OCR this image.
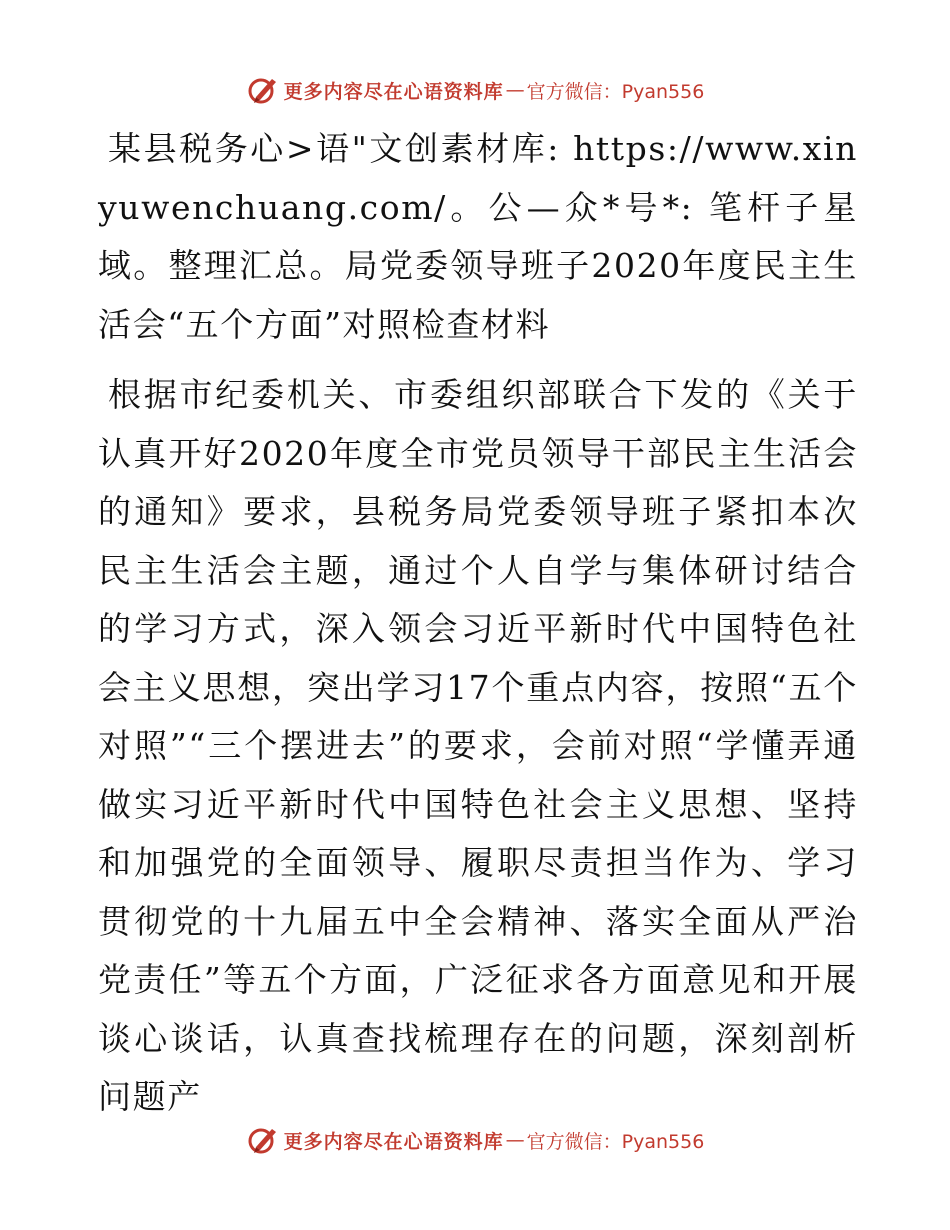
更多内容尽在心语资料库 — 官方微信：Pyan556

某县税务心>语"文创素材库: https://www.xinyuwenchuang.com/。公—众*号*: 笔杆子星域。整理汇总。局党委领导班子2020年度民主生活会“五个方面”对照检查材料

根据市纪委机关、市委组织部联合下发的《关于认真开好2020年度全市党员领导干部民主生活会的通知》要求，县税务局党委领导班子紧扣本次民主生活会主题，通过个人自学与集体研讨结合的学习方式，深入领会习近平新时代中国特色社会主义思想，突出学习17个重点内容，按照“五个对照”“三个摆进去”的要求，会前对照“学懂弄通做实习近平新时代中国特色社会主义思想、坚持和加强党的全面领导、履职尽责担当作为、学习贯彻党的十九届五中全会精神、落实全面从严治党责任”等五个方面，广泛征求各方面意见和开展谈心谈话，认真查找梳理存在的问题，深刻剖析问题产

更多内容尽在心语资料库 — 官方微信：Pyan556
